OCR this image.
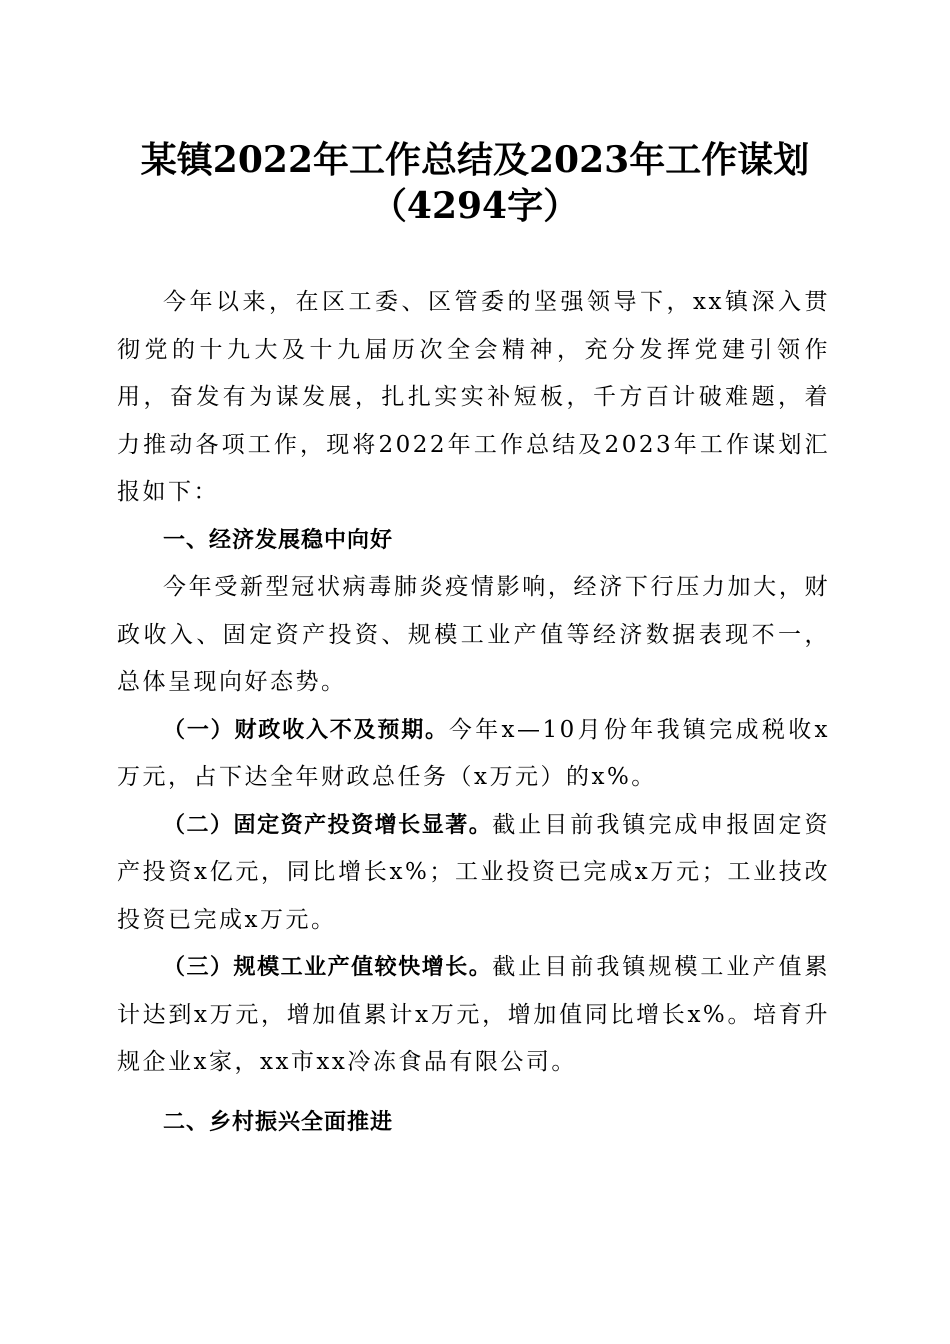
某镇2022年工作总结及2023年工作谋划
（4294字）

今年以来，在区工委、区管委的坚强领导下，xx镇深入贯彻党的十九大及十九届历次全会精神，充分发挥党建引领作用，奋发有为谋发展，扎扎实实补短板，千方百计破难题，着力推动各项工作，现将2022年工作总结及2023年工作谋划汇报如下：

一、经济发展稳中向好

今年受新型冠状病毒肺炎疫情影响，经济下行压力加大，财政收入、固定资产投资、规模工业产值等经济数据表现不一，总体呈现向好态势。

（一）财政收入不及预期。今年x—10月份年我镇完成税收x万元，占下达全年财政总任务（x万元）的x%。

（二）固定资产投资增长显著。截止目前我镇完成申报固定资产投资x亿元，同比增长x%；工业投资已完成x万元；工业技改投资已完成x万元。

（三）规模工业产值较快增长。截止目前我镇规模工业产值累计达到x万元，增加值累计x万元，增加值同比增长x%。培育升规企业x家，xx市xx冷冻食品有限公司。

二、乡村振兴全面推进
